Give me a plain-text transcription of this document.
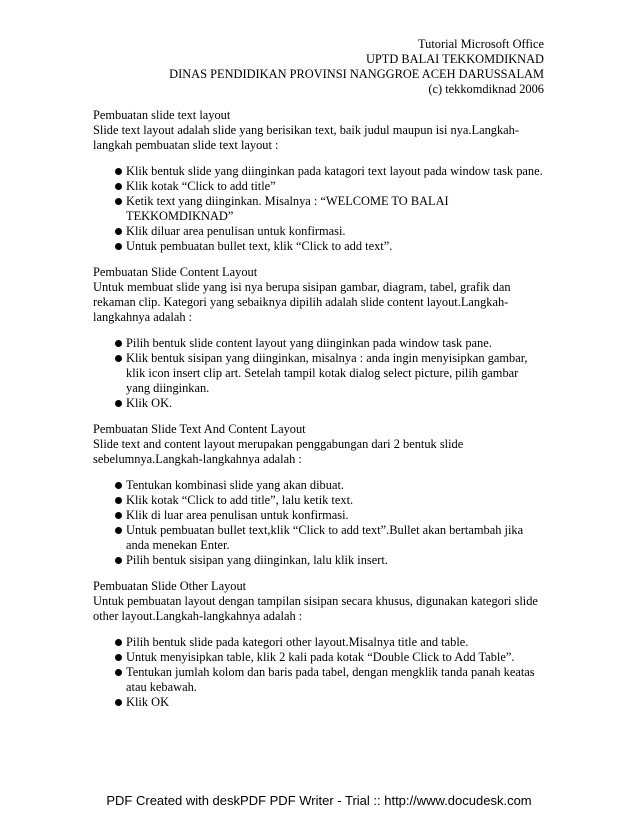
Tutorial Microsoft Office
UPTD BALAI TEKKOMDIKNAD
DINAS PENDIDIKAN PROVINSI NANGGROE ACEH DARUSSALAM
(c) tekkomdiknad 2006
Pembuatan slide text layout
Slide text layout adalah slide yang berisikan text, baik judul maupun isi nya.Langkah-langkah pembuatan slide text layout :
Klik bentuk slide yang diinginkan pada katagori text layout pada window task pane.
Klik kotak “Click to add title”
Ketik text yang diinginkan. Misalnya : “WELCOME TO BALAI TEKKOMDIKNAD”
Klik diluar area penulisan untuk konfirmasi.
Untuk pembuatan bullet text, klik “Click to add text”.
Pembuatan Slide Content Layout
Untuk membuat slide yang isi nya berupa sisipan gambar, diagram, tabel, grafik dan rekaman clip. Kategori yang sebaiknya dipilih adalah slide content layout.Langkah-langkahnya adalah :
Pilih bentuk slide content layout yang diinginkan pada window task pane.
Klik bentuk sisipan yang diinginkan, misalnya : anda ingin menyisipkan gambar, klik icon insert clip art. Setelah tampil kotak dialog select picture, pilih gambar yang diinginkan.
Klik OK.
Pembuatan Slide Text And Content Layout
Slide text and content layout merupakan penggabungan dari 2 bentuk slide sebelumnya.Langkah-langkahnya adalah :
Tentukan kombinasi slide yang akan dibuat.
Klik kotak “Click to add title”, lalu ketik text.
Klik di luar area penulisan untuk konfirmasi.
Untuk pembuatan bullet text,klik “Click to add text”.Bullet akan bertambah jika anda menekan Enter.
Pilih bentuk sisipan yang diinginkan, lalu klik insert.
Pembuatan Slide Other Layout
Untuk pembuatan layout dengan tampilan sisipan secara khusus, digunakan kategori slide other layout.Langkah-langkahnya adalah :
Pilih bentuk slide pada kategori other layout.Misalnya title and table.
Untuk menyisipkan table, klik 2 kali pada kotak “Double Click to Add Table”.
Tentukan jumlah kolom dan baris pada tabel, dengan mengklik tanda panah keatas atau kebawah.
Klik OK
PDF Created with deskPDF PDF Writer - Trial :: http://www.docudesk.com
